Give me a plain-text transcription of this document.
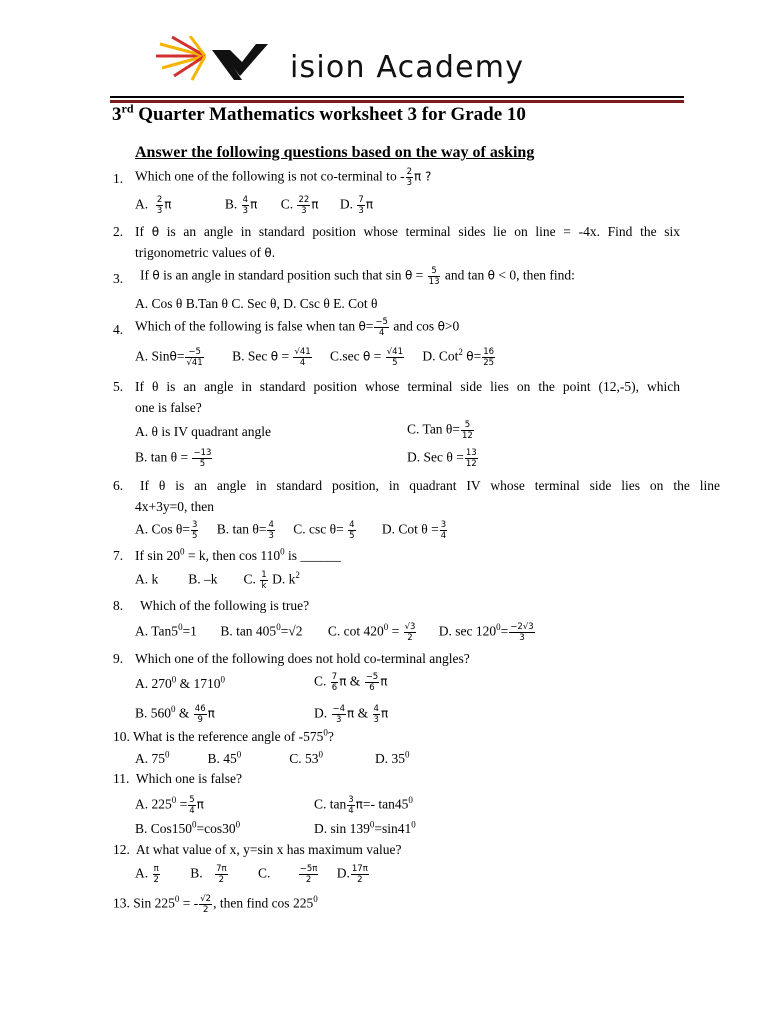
ision Academy
3rd Quarter Mathematics worksheet 3 for Grade 10
Answer the following questions based on the way of asking
1. Which one of the following is not co-terminal to - $\frac{2}{3}$ π ?
A. $\frac{2}{3}$ π	B. $\frac{4}{3}$ π C. $\frac{22}{3}$ π D. $\frac{7}{3}$ π
2. If θ is an angle in standard position whose terminal sides lie on line = -4x. Find the six
trigonometric values of θ.
3. If θ is an angle in standard position such that $\sin \theta = \frac{5}{13}$ and tan θ < 0, then find:
A. Cos θ B.Tan θ C. Sec θ, D. Csc θ E. Cot θ
4. Which of the following is false when $\tan \theta= \frac{-5}{4}$ and cos θ>0
A. $Sin\theta= \frac{-5}{√41} B$. Sec $\theta = \frac{√41}{4} C.\sec$ $\theta = \frac{√41}{5} D$. Cot$^2$ $\theta= \frac{16}{25}$
5. If θ is an angle in standard position whose terminal side lies on the point (12,-5), which
one is false?
A. θ is IV quadrant angle	C. Tan $\theta= \frac{5}{12}$
B. $\tan \theta = \frac{-13}{5}$	D. Sec $\theta = \frac{13}{12}$
6. If θ is an angle in standard position, in quadrant IV whose terminal side lies on the line
4x+3y=0, then
A. Cos $\theta= \frac{3}{5} B$. $\tan \theta= \frac{4}{3} C$. $\csc \theta= \frac{4}{5} D$. Cot $\theta = \frac{3}{4}$
7. If $\sin 20^0 = k$, then $\cos 110^0$ is ______
A. k B. –k C. $\frac{1}{k} D$. $k^2$
8. Which of the following is true?
A. $Tan5^0=1$ B. $\tan 405^0=√2$ C. $\cot 420^0 = \frac{√3}{2} D$. $\sec 120^0= \frac{-2√3}{3}$
9. Which one of the following does not hold co-terminal angles?
A. $270^0$ & 1710$^0$	C. $\frac{7}{6}$ π & $\frac{-5}{6}$ π
B. $560^0$ & $\frac{46}{9}$ π	D. $\frac{-4}{3}$ π & $\frac{4}{3}$ π
10. What is the reference angle of $-575^0$?
A. $75^0$	B. $45^0$	C. $53^0$	D. $35^0$
11. Which one is false?
A. $225^0 = \frac{5}{4}$ π	C. $\tan \frac{3}{4} \pi=-$ $\tan 45^0$
B. $Cos150^0=\cos 30^0$	D. $\sin 139^0=\sin 41^0$
12. At what value of x, y=sin x has maximum value?
A. $\frac{\pi}{2} B$. $\frac{7\pi}{2} C$.	$\frac{-5\pi}{2} D$. $\frac{17\pi}{2}$
13. Sin $225^0$ = - $\frac{√2}{2}$ , then find $\cos 225^0$
